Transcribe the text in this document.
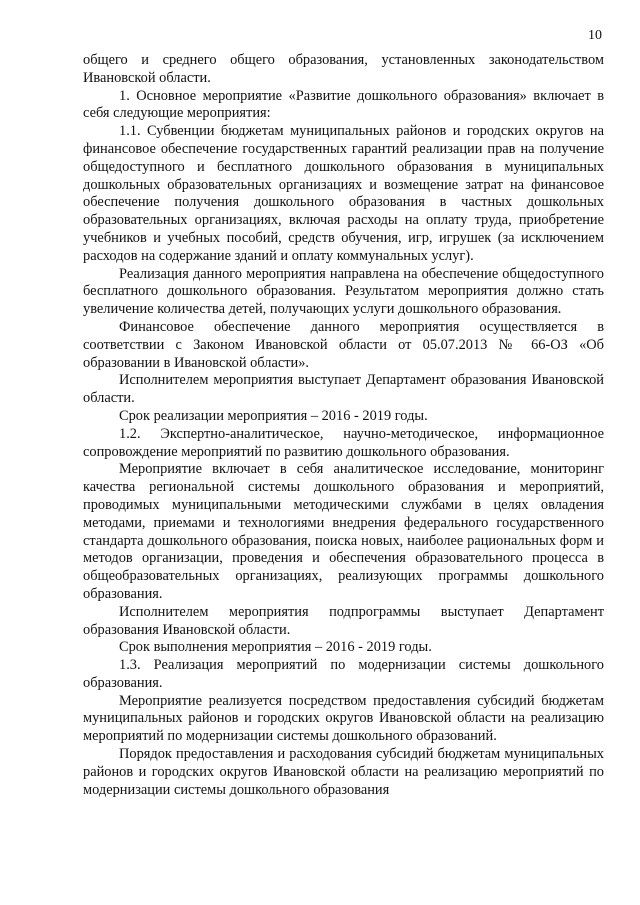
10

общего и среднего общего образования, установленных законодательством Ивановской области.

1. Основное мероприятие «Развитие дошкольного образования» включает в себя следующие мероприятия:

1.1. Субвенции бюджетам муниципальных районов и городских округов на финансовое обеспечение государственных гарантий реализации прав на получение общедоступного и бесплатного дошкольного образования в муниципальных дошкольных образовательных организациях и возмещение затрат на финансовое обеспечение получения дошкольного образования в частных дошкольных образовательных организациях, включая расходы на оплату труда, приобретение учебников и учебных пособий, средств обучения, игр, игрушек (за исключением расходов на содержание зданий и оплату коммунальных услуг).

Реализация данного мероприятия направлена на обеспечение общедоступного бесплатного дошкольного образования. Результатом мероприятия должно стать увеличение количества детей, получающих услуги дошкольного образования.

Финансовое обеспечение данного мероприятия осуществляется в соответствии с Законом Ивановской области от 05.07.2013 № 66-ОЗ «Об образовании в Ивановской области».

Исполнителем мероприятия выступает Департамент образования Ивановской области.

Срок реализации мероприятия – 2016 - 2019 годы.

1.2. Экспертно-аналитическое, научно-методическое, информационное сопровождение мероприятий по развитию дошкольного образования.

Мероприятие включает в себя аналитическое исследование, мониторинг качества региональной системы дошкольного образования и мероприятий, проводимых муниципальными методическими службами в целях овладения методами, приемами и технологиями внедрения федерального государственного стандарта дошкольного образования, поиска новых, наиболее рациональных форм и методов организации, проведения и обеспечения образовательного процесса в общеобразовательных организациях, реализующих программы дошкольного образования.

Исполнителем мероприятия подпрограммы выступает Департамент образования Ивановской области.

Срок выполнения мероприятия – 2016 - 2019 годы.

1.3. Реализация мероприятий по модернизации системы дошкольного образования.

Мероприятие реализуется посредством предоставления субсидий бюджетам муниципальных районов и городских округов Ивановской области на реализацию мероприятий по модернизации системы дошкольного образований.

Порядок предоставления и расходования субсидий бюджетам муниципальных районов и городских округов Ивановской области на реализацию мероприятий по модернизации системы дошкольного образования
